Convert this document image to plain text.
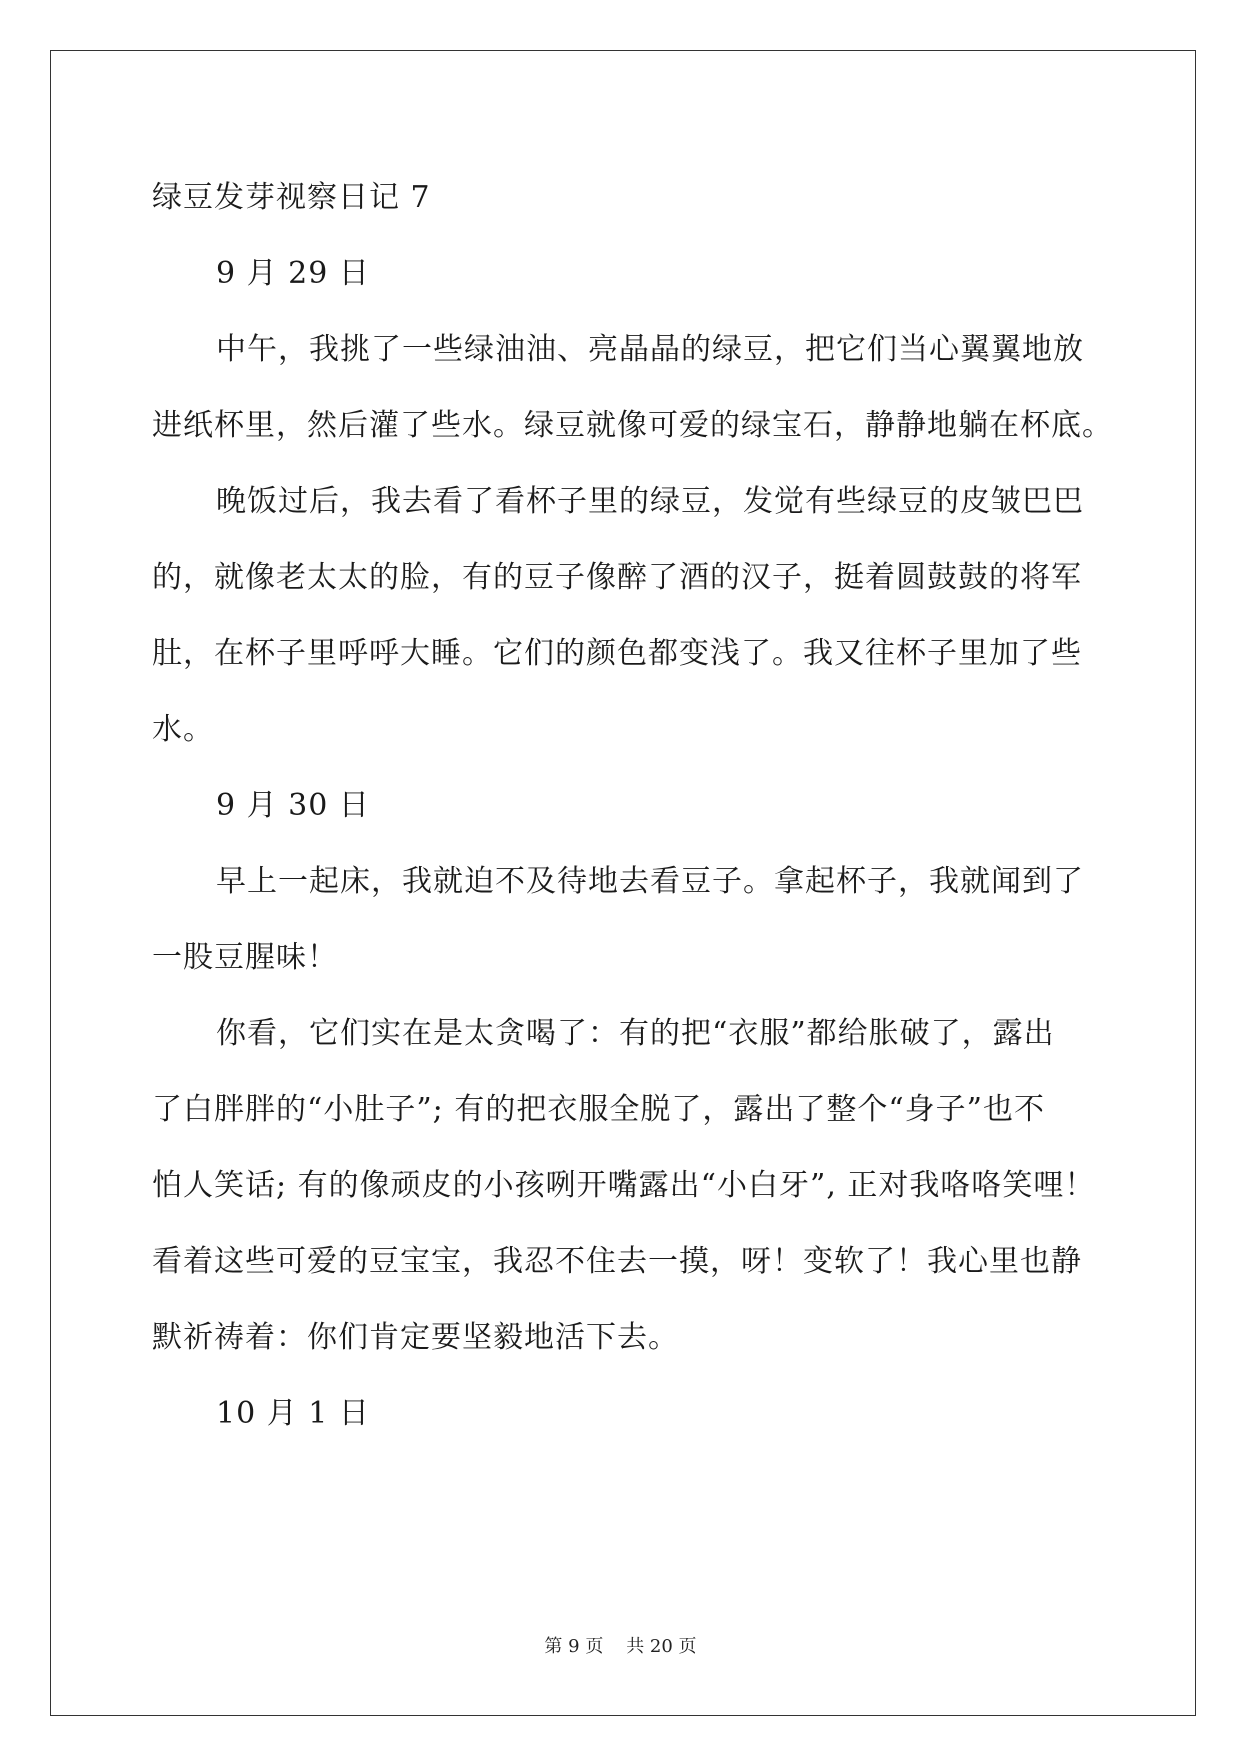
绿豆发芽视察日记 7
9 月 29 日
中午，我挑了一些绿油油、亮晶晶的绿豆，把它们当心翼翼地放
进纸杯里，然后灌了些水。绿豆就像可爱的绿宝石，静静地躺在杯底。
晚饭过后，我去看了看杯子里的绿豆，发觉有些绿豆的皮皱巴巴
的，就像老太太的脸，有的豆子像醉了酒的汉子，挺着圆鼓鼓的将军
肚，在杯子里呼呼大睡。它们的颜色都变浅了。我又往杯子里加了些
水。
9 月 30 日
早上一起床，我就迫不及待地去看豆子。拿起杯子，我就闻到了
一股豆腥味！
你看，它们实在是太贪喝了：有的把“衣服”都给胀破了，露出
了白胖胖的“小肚子”; 有的把衣服全脱了，露出了整个“身子”也不
怕人笑话; 有的像顽皮的小孩咧开嘴露出“小白牙”, 正对我咯咯笑哩！
看着这些可爱的豆宝宝，我忍不住去一摸，呀！变软了！我心里也静
默祈祷着：你们肯定要坚毅地活下去。
10 月 1 日
第 9 页    共 20 页
